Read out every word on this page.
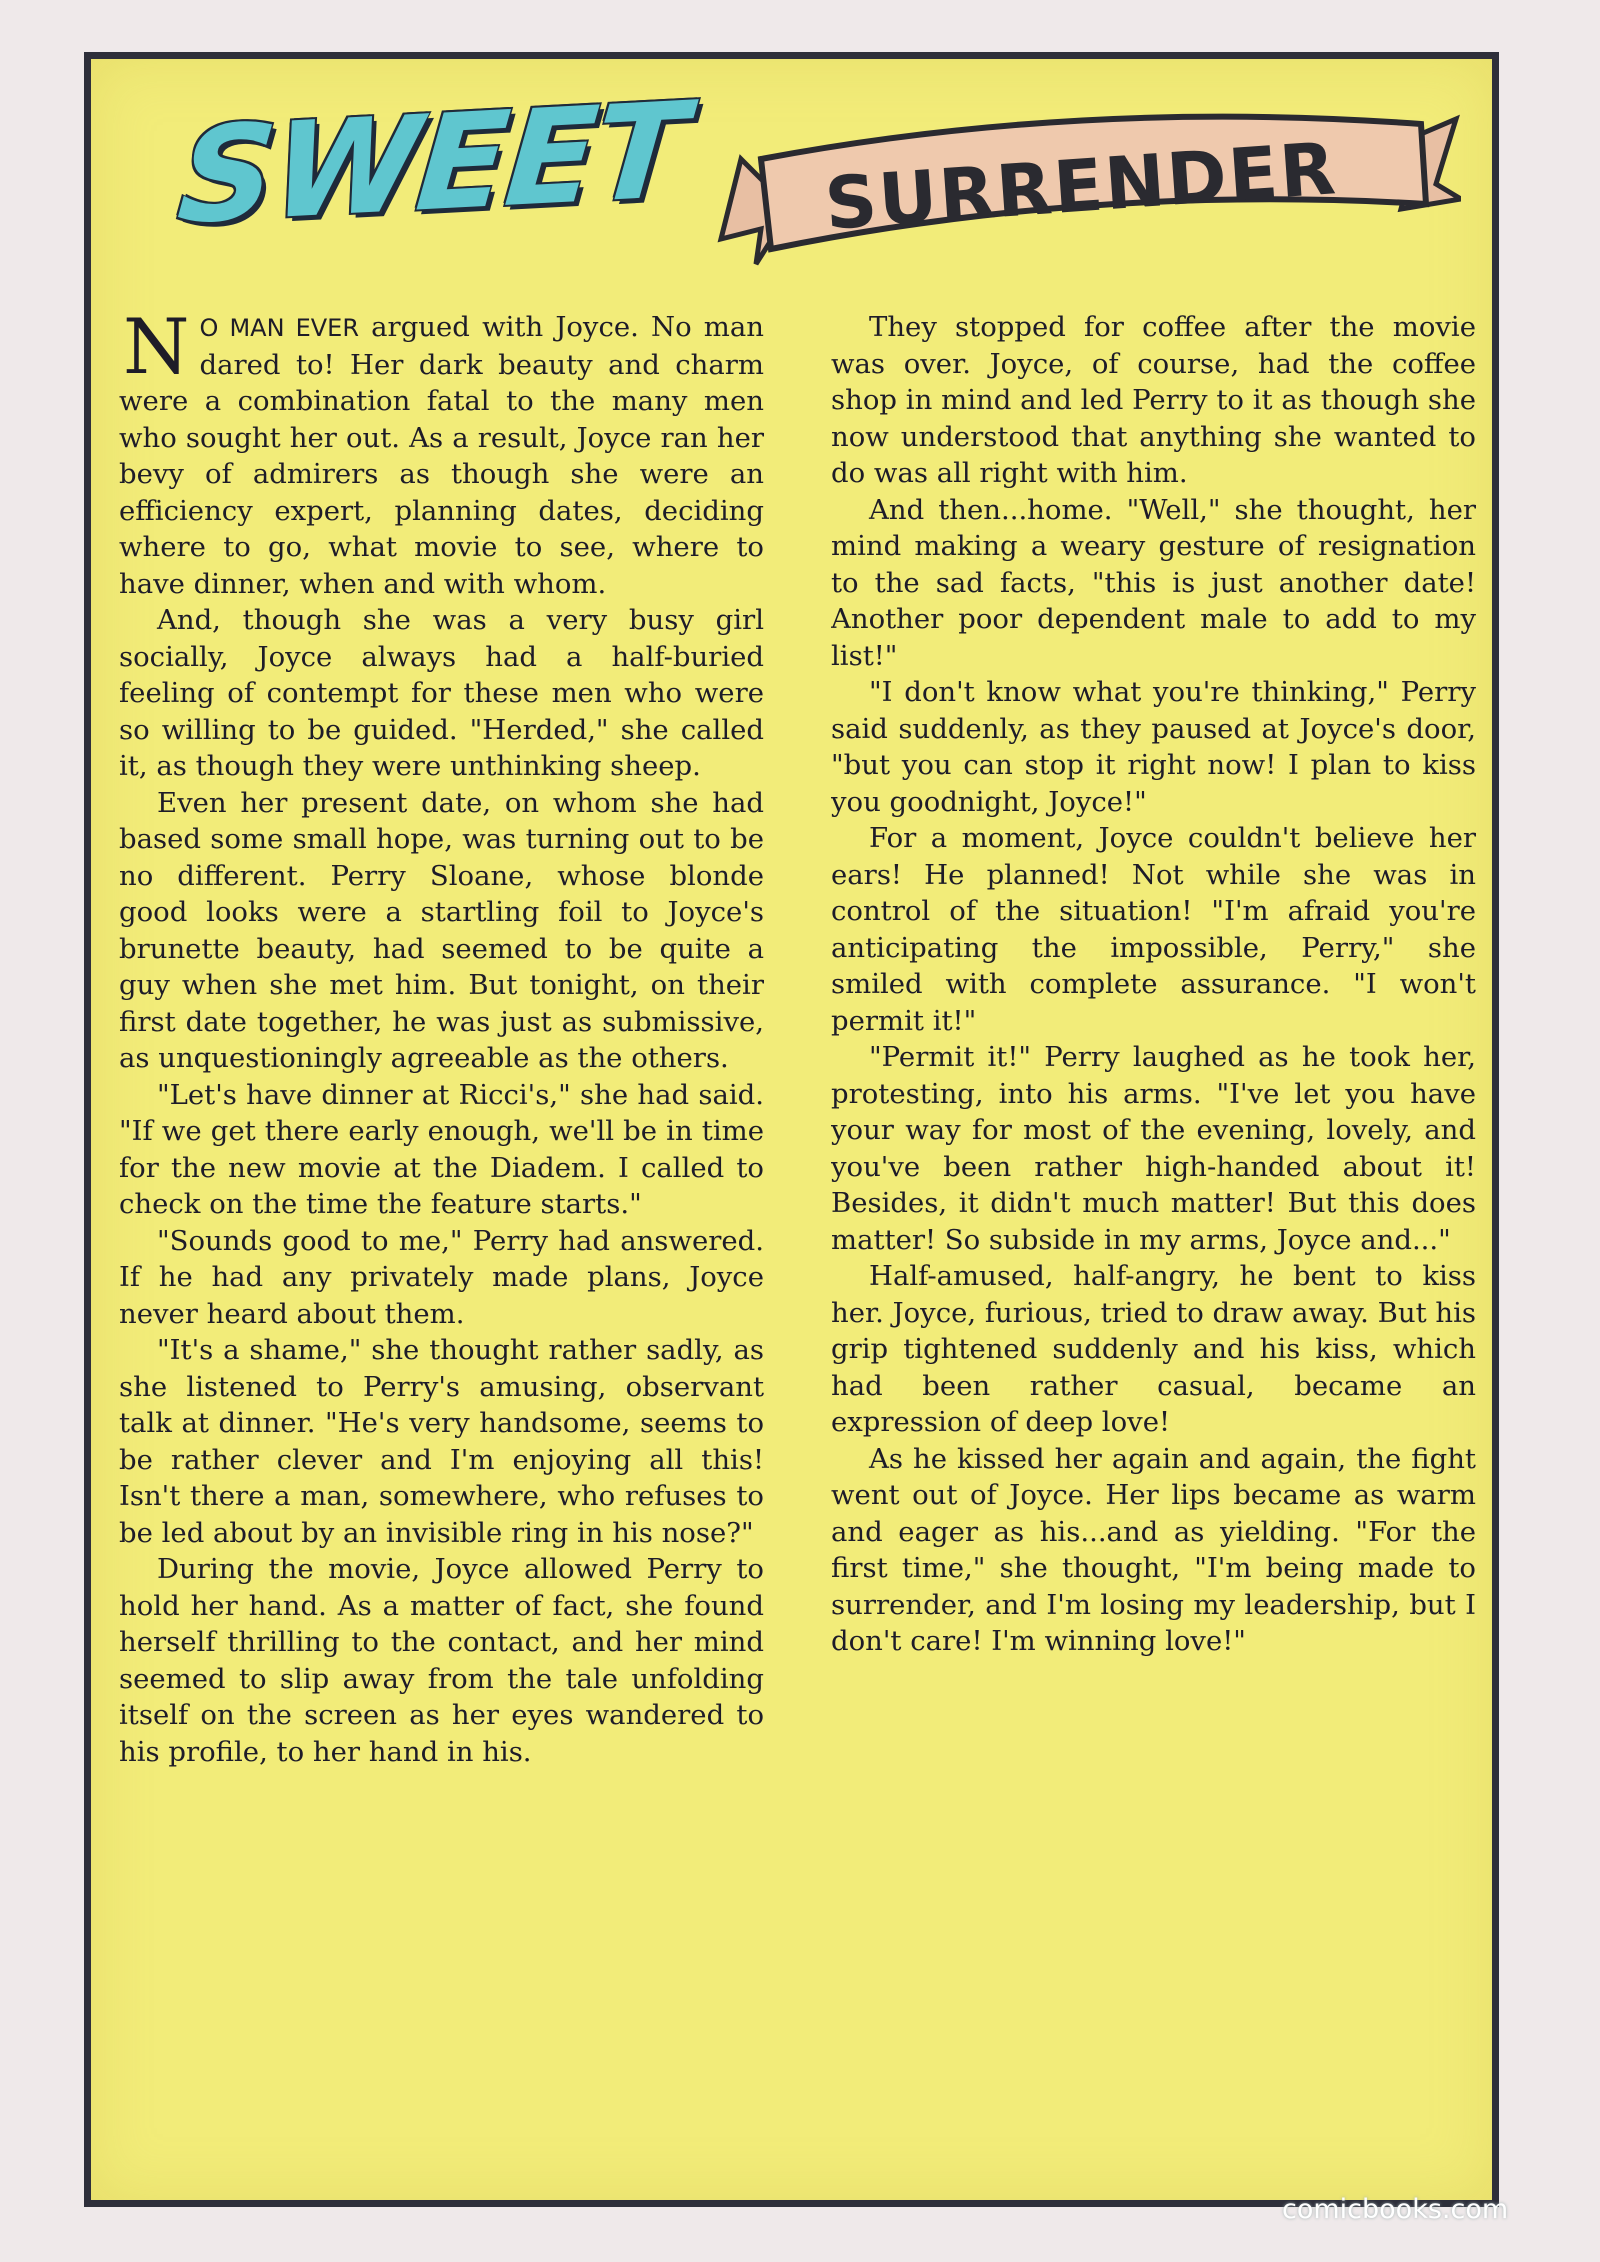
SWEET	SURRENDER

N O MAN EVER argued with Joyce. No man dared to! Her dark beauty and charm were a combination fatal to the many men who sought her out. As a result, Joyce ran her bevy of admirers as though she were an efficiency expert, planning dates, deciding where to go, what movie to see, where to have dinner, when and with whom.

And, though she was a very busy girl socially, Joyce always had a half-buried feeling of contempt for these men who were so willing to be guided. "Herded," she called it, as though they were unthinking sheep.

Even her present date, on whom she had based some small hope, was turning out to be no different. Perry Sloane, whose blonde good looks were a startling foil to Joyce's brunette beauty, had seemed to be quite a guy when she met him. But tonight, on their first date together, he was just as submissive, as unquestioningly agreeable as the others.

"Let's have dinner at Ricci's," she had said. "If we get there early enough, we'll be in time for the new movie at the Diadem. I called to check on the time the feature starts."

"Sounds good to me," Perry had answered. If he had any privately made plans, Joyce never heard about them.

"It's a shame," she thought rather sadly, as she listened to Perry's amusing, observant talk at dinner. "He's very handsome, seems to be rather clever and I'm enjoying all this! Isn't there a man, somewhere, who refuses to be led about by an invisible ring in his nose?"

During the movie, Joyce allowed Perry to hold her hand. As a matter of fact, she found herself thrilling to the contact, and her mind seemed to slip away from the tale unfolding itself on the screen as her eyes wandered to his profile, to her hand in his.

They stopped for coffee after the movie was over. Joyce, of course, had the coffee shop in mind and led Perry to it as though she now understood that anything she wanted to do was all right with him.

And then...home. "Well," she thought, her mind making a weary gesture of resignation to the sad facts, "this is just another date! Another poor dependent male to add to my list!"

"I don't know what you're thinking," Perry said suddenly, as they paused at Joyce's door, "but you can stop it right now! I plan to kiss you goodnight, Joyce!"

For a moment, Joyce couldn't believe her ears! He planned! Not while she was in control of the situation! "I'm afraid you're anticipating the impossible, Perry," she smiled with complete assurance. "I won't permit it!"

"Permit it!" Perry laughed as he took her, protesting, into his arms. "I've let you have your way for most of the evening, lovely, and you've been rather high-handed about it! Besides, it didn't much matter! But this does matter! So subside in my arms, Joyce and..."

Half-amused, half-angry, he bent to kiss her. Joyce, furious, tried to draw away. But his grip tightened suddenly and his kiss, which had been rather casual, became an expression of deep love!

As he kissed her again and again, the fight went out of Joyce. Her lips became as warm and eager as his...and as yielding. "For the first time," she thought, "I'm being made to surrender, and I'm losing my leadership, but I don't care! I'm winning love!"

comicbooks.com
